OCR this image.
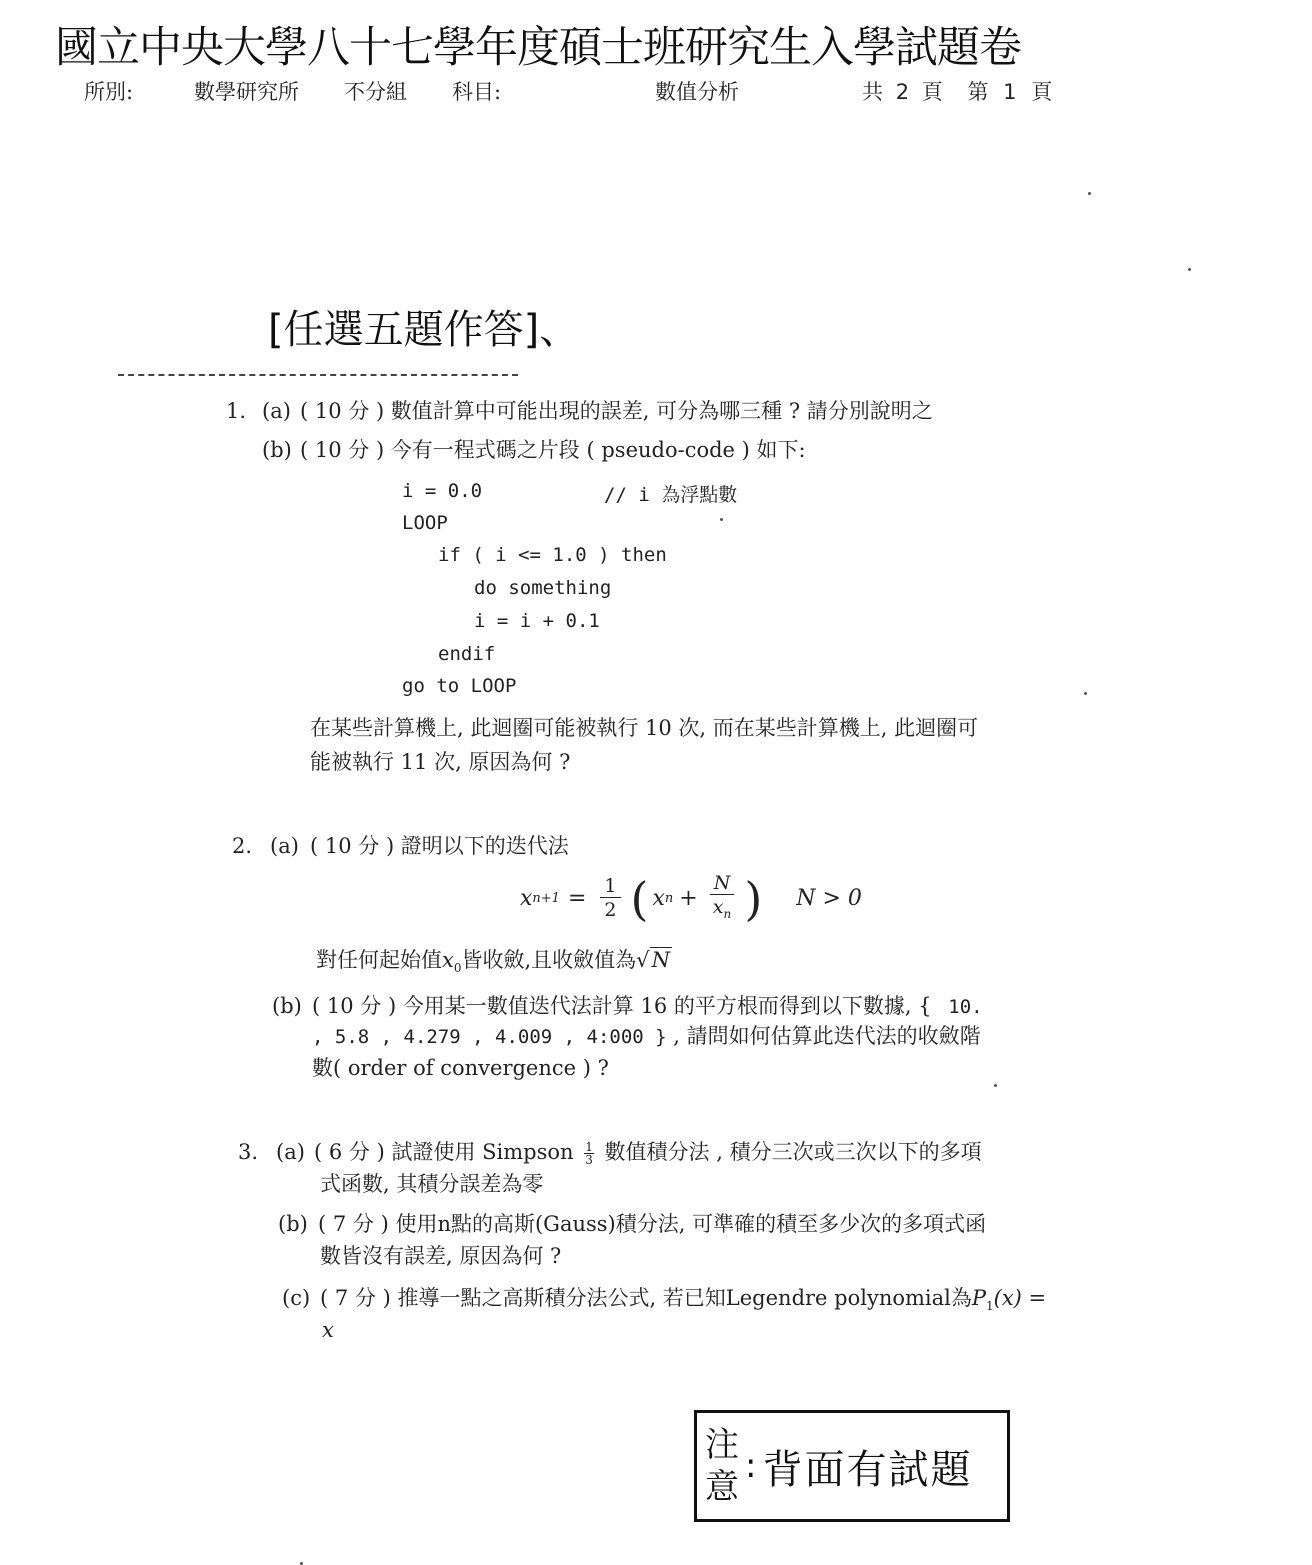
國立中央大學八十七學年度碩士班研究生入學試題卷
所別:	數學研究所 不分組 科目:	數值分析	共 2 頁 第 1 頁
[任選五題作答]、
1. (a) ( 10 分 ) 數值計算中可能出現的誤差, 可分為哪三種 ? 請分別說明之
(b) ( 10 分 ) 今有一程式碼之片段 ( pseudo-code ) 如下:
i = 0.0	// i 為浮點數
LOOP
if ( i <= 1.0 ) then
do something
i = i + 0.1
endif
go to LOOP
在某些計算機上, 此迴圈可能被執行 10 次, 而在某些計算機上, 此迴圈可
能被執行 11 次, 原因為何 ?
2. (a) ( 10 分 ) 證明以下的迭代法
x $n+1 = \frac{1}{2}$ ( x $n + \frac{N}{x_n}$ ) N > 0
對任何起始值$x_0$皆收斂,且收斂值為√N
(b) ( 10 分 ) 今用某一數值迭代法計算 16 的平方根而得到以下數據, { 10.
, 5.8 , 4.279 , 4.009 , 4:000 } , 請問如何估算此迭代法的收斂階
數( order of convergence ) ?
3. (a) ( 6 分 ) 試證使用 Simpson $\frac{1}{3}$ 數值積分法 , 積分三次或三次以下的多項
式函數, 其積分誤差為零
(b) ( 7 分 ) 使用n點的高斯(Gauss)積分法, 可準確的積至多少次的多項式函
數皆沒有誤差, 原因為何 ?
(c) ( 7 分 ) 推導一點之高斯積分法公式, 若已知Legendre polynomial為$P_1(x)$ =
x
注
意
: 背面有試題
